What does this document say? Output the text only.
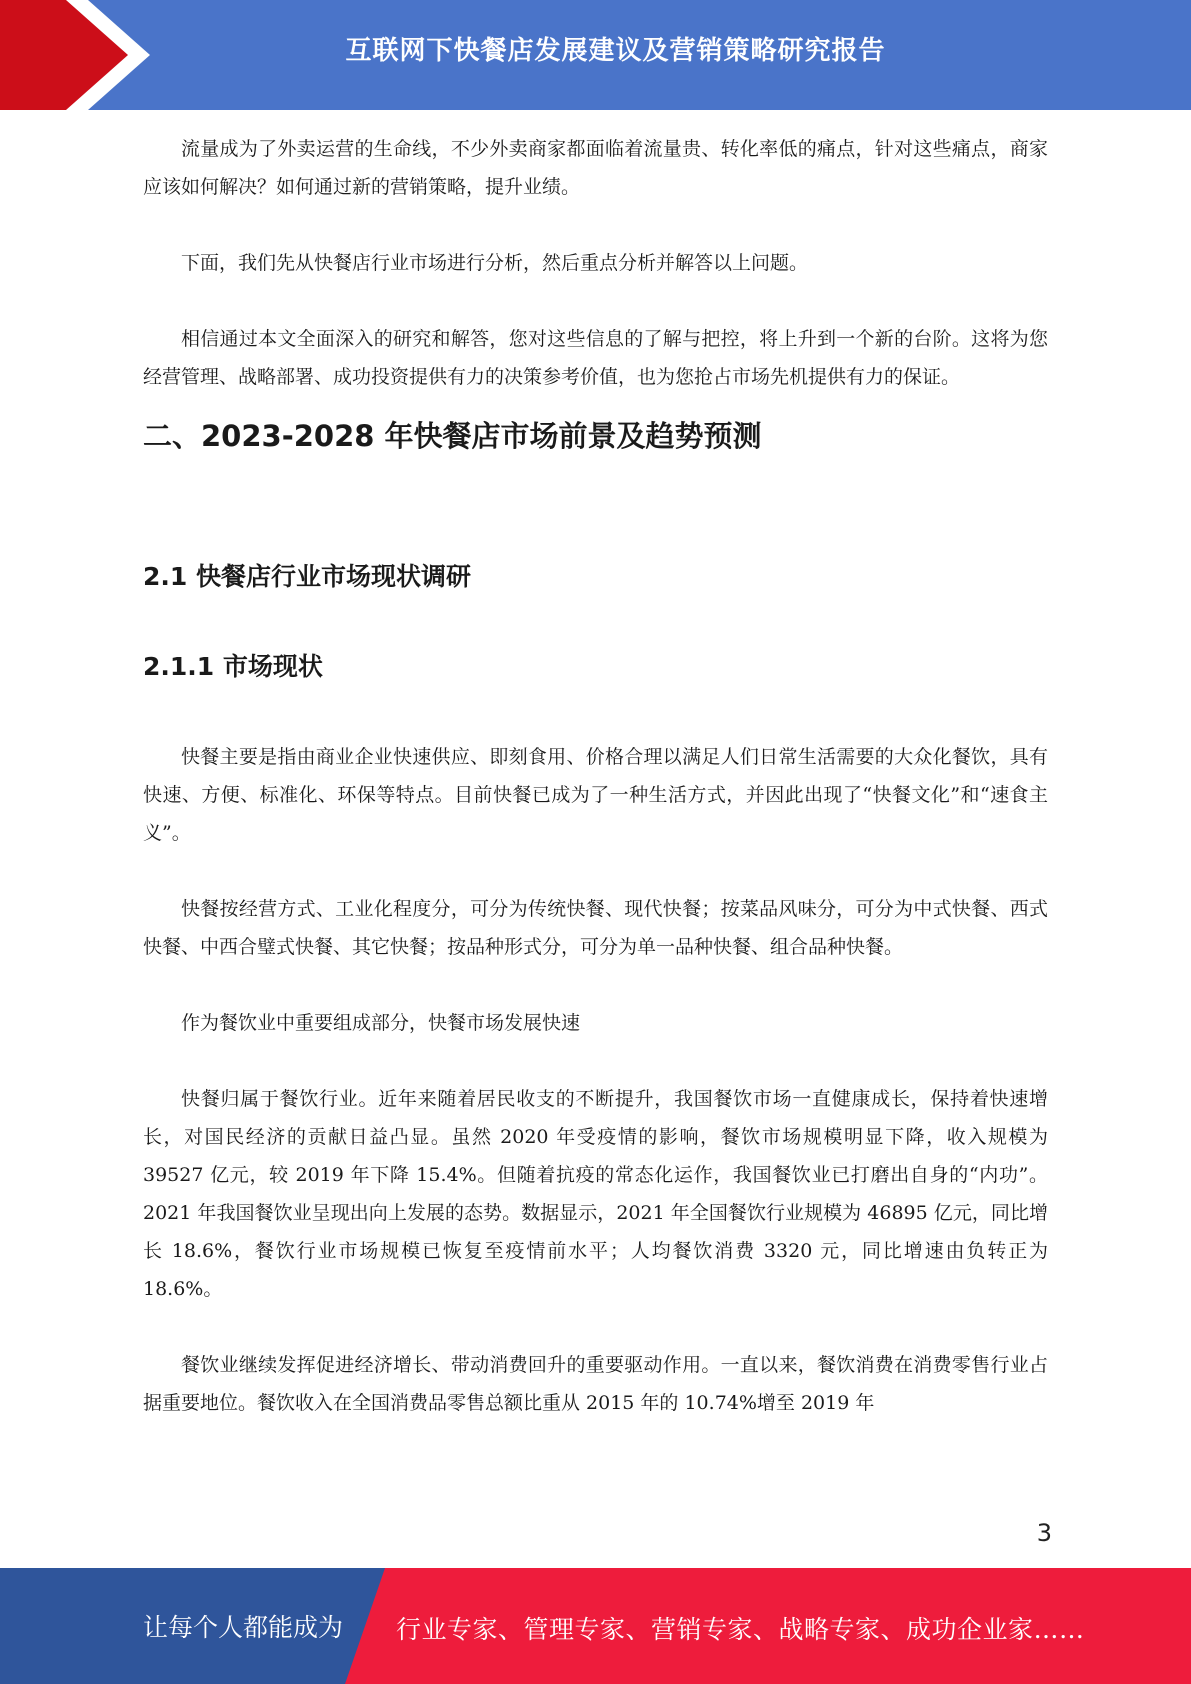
互联网下快餐店发展建议及营销策略研究报告

流量成为了外卖运营的生命线，不少外卖商家都面临着流量贵、转化率低的痛点，针对这些痛点，商家应该如何解决？如何通过新的营销策略，提升业绩。

下面，我们先从快餐店行业市场进行分析，然后重点分析并解答以上问题。

相信通过本文全面深入的研究和解答，您对这些信息的了解与把控，将上升到一个新的台阶。这将为您经营管理、战略部署、成功投资提供有力的决策参考价值，也为您抢占市场先机提供有力的保证。

二、2023-2028 年快餐店市场前景及趋势预测
2.1 快餐店行业市场现状调研
2.1.1 市场现状

快餐主要是指由商业企业快速供应、即刻食用、价格合理以满足人们日常生活需要的大众化餐饮，具有快速、方便、标准化、环保等特点。目前快餐已成为了一种生活方式，并因此出现了“快餐文化”和“速食主义”。

快餐按经营方式、工业化程度分，可分为传统快餐、现代快餐；按菜品风味分，可分为中式快餐、西式快餐、中西合璧式快餐、其它快餐；按品种形式分，可分为单一品种快餐、组合品种快餐。

作为餐饮业中重要组成部分，快餐市场发展快速

快餐归属于餐饮行业。近年来随着居民收支的不断提升，我国餐饮市场一直健康成长，保持着快速增长，对国民经济的贡献日益凸显。虽然 2020 年受疫情的影响，餐饮市场规模明显下降，收入规模为 39527 亿元，较 2019 年下降 15.4%。但随着抗疫的常态化运作，我国餐饮业已打磨出自身的“内功”。2021 年我国餐饮业呈现出向上发展的态势。数据显示，2021 年全国餐饮行业规模为 46895 亿元，同比增长 18.6%，餐饮行业市场规模已恢复至疫情前水平；人均餐饮消费 3320 元，同比增速由负转正为 18.6%。

餐饮业继续发挥促进经济增长、带动消费回升的重要驱动作用。一直以来，餐饮消费在消费零售行业占据重要地位。餐饮收入在全国消费品零售总额比重从 2015 年的 10.74%增至 2019 年

3
让每个人都能成为 行业专家、管理专家、营销专家、战略专家、成功企业家……
